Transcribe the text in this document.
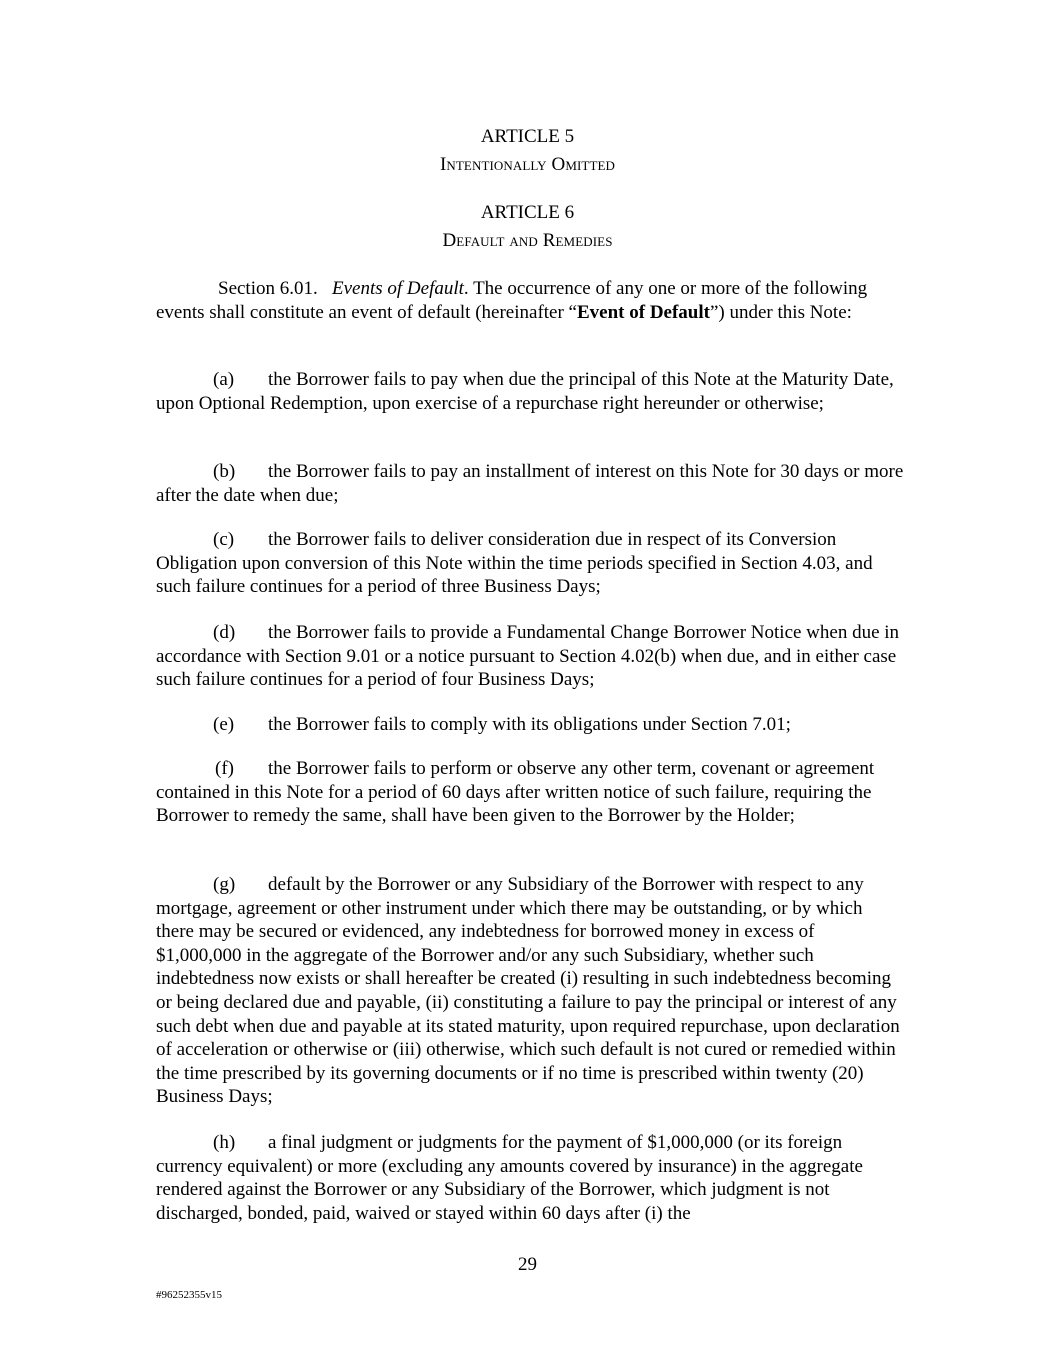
ARTICLE 5
Intentionally Omitted
ARTICLE 6
Default and Remedies
Section 6.01. Events of Default. The occurrence of any one or more of the following events shall constitute an event of default (hereinafter “Event of Default”) under this Note:
(a) the Borrower fails to pay when due the principal of this Note at the Maturity Date, upon Optional Redemption, upon exercise of a repurchase right hereunder or otherwise;
(b) the Borrower fails to pay an installment of interest on this Note for 30 days or more after the date when due;
(c) the Borrower fails to deliver consideration due in respect of its Conversion Obligation upon conversion of this Note within the time periods specified in Section 4.03, and such failure continues for a period of three Business Days;
(d) the Borrower fails to provide a Fundamental Change Borrower Notice when due in accordance with Section 9.01 or a notice pursuant to Section 4.02(b) when due, and in either case such failure continues for a period of four Business Days;
(e) the Borrower fails to comply with its obligations under Section 7.01;
(f) the Borrower fails to perform or observe any other term, covenant or agreement contained in this Note for a period of 60 days after written notice of such failure, requiring the Borrower to remedy the same, shall have been given to the Borrower by the Holder;
(g) default by the Borrower or any Subsidiary of the Borrower with respect to any mortgage, agreement or other instrument under which there may be outstanding, or by which there may be secured or evidenced, any indebtedness for borrowed money in excess of $1,000,000 in the aggregate of the Borrower and/or any such Subsidiary, whether such indebtedness now exists or shall hereafter be created (i) resulting in such indebtedness becoming or being declared due and payable, (ii) constituting a failure to pay the principal or interest of any such debt when due and payable at its stated maturity, upon required repurchase, upon declaration of acceleration or otherwise or (iii) otherwise, which such default is not cured or remedied within the time prescribed by its governing documents or if no time is prescribed within twenty (20) Business Days;
(h) a final judgment or judgments for the payment of $1,000,000 (or its foreign currency equivalent) or more (excluding any amounts covered by insurance) in the aggregate rendered against the Borrower or any Subsidiary of the Borrower, which judgment is not discharged, bonded, paid, waived or stayed within 60 days after (i) the
29
#96252355v15
